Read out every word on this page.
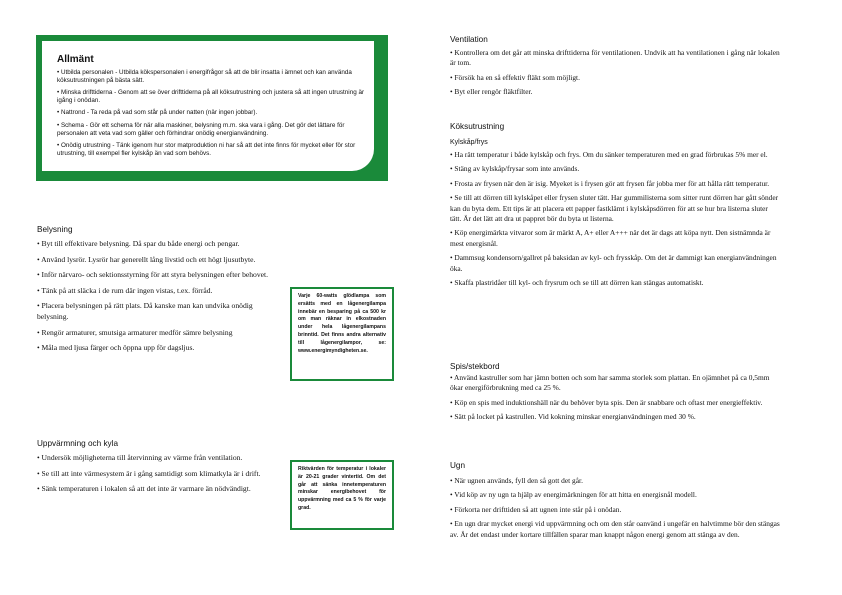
Allmänt

• Utbilda personalen - Utbilda kökspersonalen i energifrågor så att de blir insatta i ämnet och kan använda köksutrustningen på bästa sätt.

• Minska drifttiderna - Genom att se över drifttiderna på all köksutrustning och justera så att ingen utrustning är igång i onödan.

• Nattrond - Ta reda på vad som står på under natten (när ingen jobbar).

• Schema - Gör ett schema för när alla maskiner, belysning m.m. ska vara i gång. Det gör det lättare för personalen att veta vad som gäller och förhindrar onödig energianvändning.

• Onödig utrustning - Tänk igenom hur stor matproduktion ni har så att det inte finns för mycket eller för stor utrustning, till exempel fler kylskåp än vad som behövs.

Belysning

• Byt till effektivare belysning. Då spar du både energi och pengar.

• Använd lysrör. Lysrör har generellt lång livstid och ett högt ljusutbyte.

• Inför närvaro- och sektionsstyrning för att styra belysningen efter behovet.

• Tänk på att släcka i de rum där ingen vistas, t.ex. förråd.

• Placera belysningen på rätt plats. Då kanske man kan undvika onödig belysning.

• Rengör armaturer, smutsiga armaturer medför sämre belysning

• Måla med ljusa färger och öppna upp för dagsljus.

Varje 60-watts glödlampa som ersätts med en lågenergilampa innebär en besparing på ca 500 kr om man räknar in elkostnaden under hela lågenergilampans brinntid. Det finns andra alternativ till lågenergilampor, se: www.energimyndigheten.se.
Uppvärmning och kyla

• Undersök möjligheterna till återvinning av värme från ventilation.

• Se till att inte värmesystem är i gång samtidigt som klimatkyla är i drift.

• Sänk temperaturen i lokalen så att det inte är varmare än nödvändigt.

Riktvärden för temperatur i lokaler är 20-21 grader vintertid. Om det går att sänka innetemperaturen minskar energibehovet för uppvärmning med ca 5 % för varje grad.
Ventilation

• Kontrollera om det går att minska drifttiderna för ventilationen. Undvik att ha ventilationen i gång när lokalen är tom.

• Försök ha en så effektiv fläkt som möjligt.

• Byt eller rengör fläktfilter.

Köksutrustning
Kylskåp/frys

• Ha rätt temperatur i både kylskåp och frys. Om du sänker temperaturen med en grad förbrukas 5% mer el.

• Stäng av kylskåp/frysar som inte används.

• Frosta av frysen när den är isig. Myeket is i frysen gör att frysen får jobba mer för att hålla rätt temperatur.

• Se till att dörren till kylskåpet eller frysen sluter tätt. Har gummilisterna som sitter runt dörren har gått sönder kan du byta dem. Ett tips är att placera ett papper fastklämt i kylskåpsdörren för att se hur bra listerna sluter tätt. Är det lätt att dra ut pappret bör du byta ut listerna.

• Köp energimärkta vitvaror som är märkt A, A+ eller A+++ när det är dags att köpa nytt. Den sistnämnda är mest energisnål.

• Dammsug kondensorn/gallret på baksidan av kyl- och frysskåp. Om det är dammigt kan energianvändningen öka.

• Skaffa plastridåer till kyl- och frysrum och se till att dörren kan stängas automatiskt.

Spis/stekbord

• Använd kastruller som har jämn botten och som har samma storlek som plattan. En ojämnhet på ca 0,5mm ökar energiförbrukning med ca 25 %.

• Köp en spis med induktionshäll när du behöver byta spis. Den är snabbare och oftast mer energieffektiv.

• Sätt på locket på kastrullen. Vid kokning minskar energianvändningen med 30 %.

Ugn

• När ugnen används, fyll den så gott det går.

• Vid köp av ny ugn ta hjälp av energimärkningen för att hitta en energisnål modell.

• Förkorta ner drifttiden så att ugnen inte står på i onödan.

• En ugn drar mycket energi vid uppvärmning och om den står oanvänd i ungefär en halvtimme bör den stängas av. Är det endast under kortare tillfällen sparar man knappt någon energi genom att stänga av den.
